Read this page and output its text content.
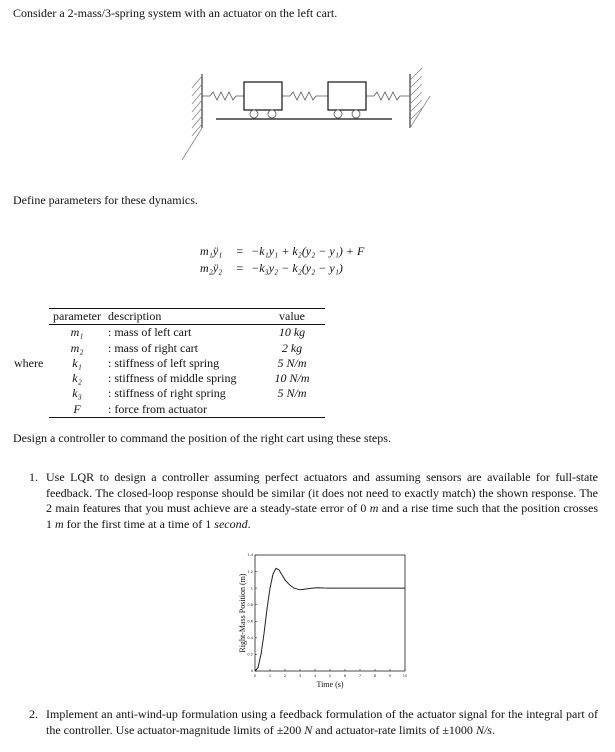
Consider a 2-mass/3-spring system with an actuator on the left cart.
Define parameters for these dynamics.
m₁ÿ₁	=	−k₁y₁ + k₂(y₂ − y₁) + F
m₂ÿ₂	=	−k₃y₂ − k₂(y₂ − y₁)
	parameter	description	value
	m₁	: mass of left cart	10 kg
	m₂	: mass of right cart	2 kg
where	k₁	: stiffness of left spring	5 N/m
	k₂	: stiffness of middle spring	10 N/m
	k₃	: stiffness of right spring	5 N/m
	F	: force from actuator	
Design a controller to command the position of the right cart using these steps.
1. Use LQR to design a controller assuming perfect actuators and assuming sensors are available for full-state feedback. The closed-loop response should be similar (it does not need to exactly match) the shown response. The 2 main features that you must achieve are a steady-state error of 0 m and a rise time such that the position crosses 1 m for the first time at a time of 1 second.
0	1	2	3	4	5	6	7	8	9	10
0
0.2
0.4
0.6
0.8
1
1.2
1.4
Time (s)
Right-Mass Position (m)
2. Implement an anti-wind-up formulation using a feedback formulation of the actuator signal for the integral part of the controller. Use actuator-magnitude limits of ±200 N and actuator-rate limits of ±1000 N/s.
